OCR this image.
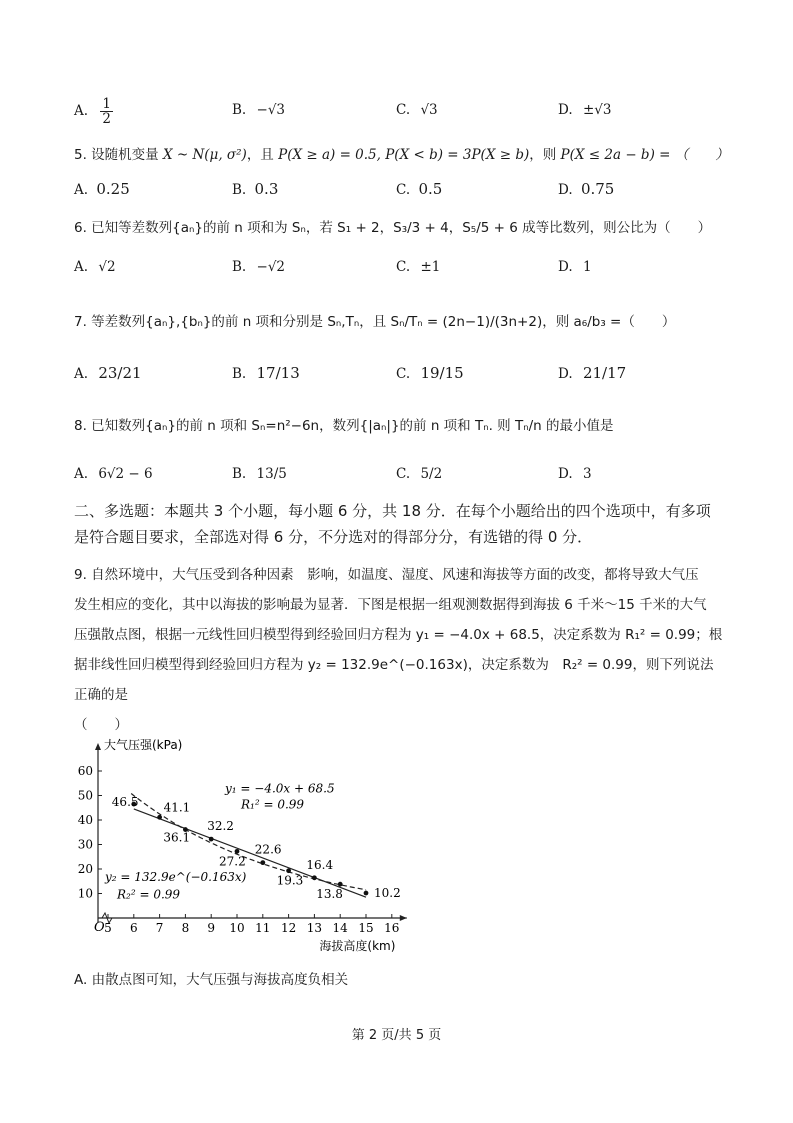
A. $\frac{1}{2}$	B. −√3	C. √3	D. ±√3
5. 设随机变量 X ~ N(μ, σ²)，且 P(X ≥ a) = 0.5, P(X < b) = 3P(X ≥ b)，则 P(X ≤ 2a − b) = （　　）
A. 0.25	B. 0.3	C. 0.5	D. 0.75
6. 已知等差数列{aₙ}的前 n 项和为 Sₙ，若 S₁ + 2，S₃/3 + 4，S₅/5 + 6 成等比数列，则公比为（　　）
A. √2	B. −√2	C. ±1	D. 1
7. 等差数列{aₙ},{bₙ}的前 n 项和分别是 Sₙ,Tₙ，且 Sₙ/Tₙ = (2n−1)/(3n+2)，则 a₆/b₃ =（　　）
A. 23/21	B. 17/13	C. 19/15	D. 21/17
8. 已知数列{aₙ}的前 n 项和 Sₙ=n²−6n，数列{|aₙ|}的前 n 项和 Tₙ. 则 Tₙ/n 的最小值是
A. 6√2 − 6	B. 13/5	C. 5/2	D. 3
二、多选题：本题共 3 个小题，每小题 6 分，共 18 分．在每个小题给出的四个选项中，有多项是符合题目要求，全部选对得 6 分，不分选对的得部分分，有选错的得 0 分．
9. 自然环境中，大气压受到各种因素　影响，如温度、湿度、风速和海拔等方面的改变，都将导致大气压
发生相应的变化，其中以海拔的影响最为显著．下图是根据一组观测数据得到海拔 6 千米～15 千米的大气
压强散点图，根据一元线性回归模型得到经验回归方程为 y₁ = −4.0x + 68.5，决定系数为 R₁² = 0.99；根
据非线性回归模型得到经验回归方程为 y₂ = 132.9e^(−0.163x)，决定系数为　R₂² = 0.99，则下列说法正确的是
（　　）
O
大气压强(kPa)
海拔高度(km)
10
20
30
40
50
60
5 6 7 8 9 10 11 12 13 14 15 16
46.5 41.1
36.1
32.2
27.2
22.6
19.3
16.4
13.8	10.2
y₁ = −4.0x + 68.5
R₁² = 0.99
y₂ = 132.9e^(−0.163x)
R₂² = 0.99
A. 由散点图可知，大气压强与海拔高度负相关
第 2 页/共 5 页
